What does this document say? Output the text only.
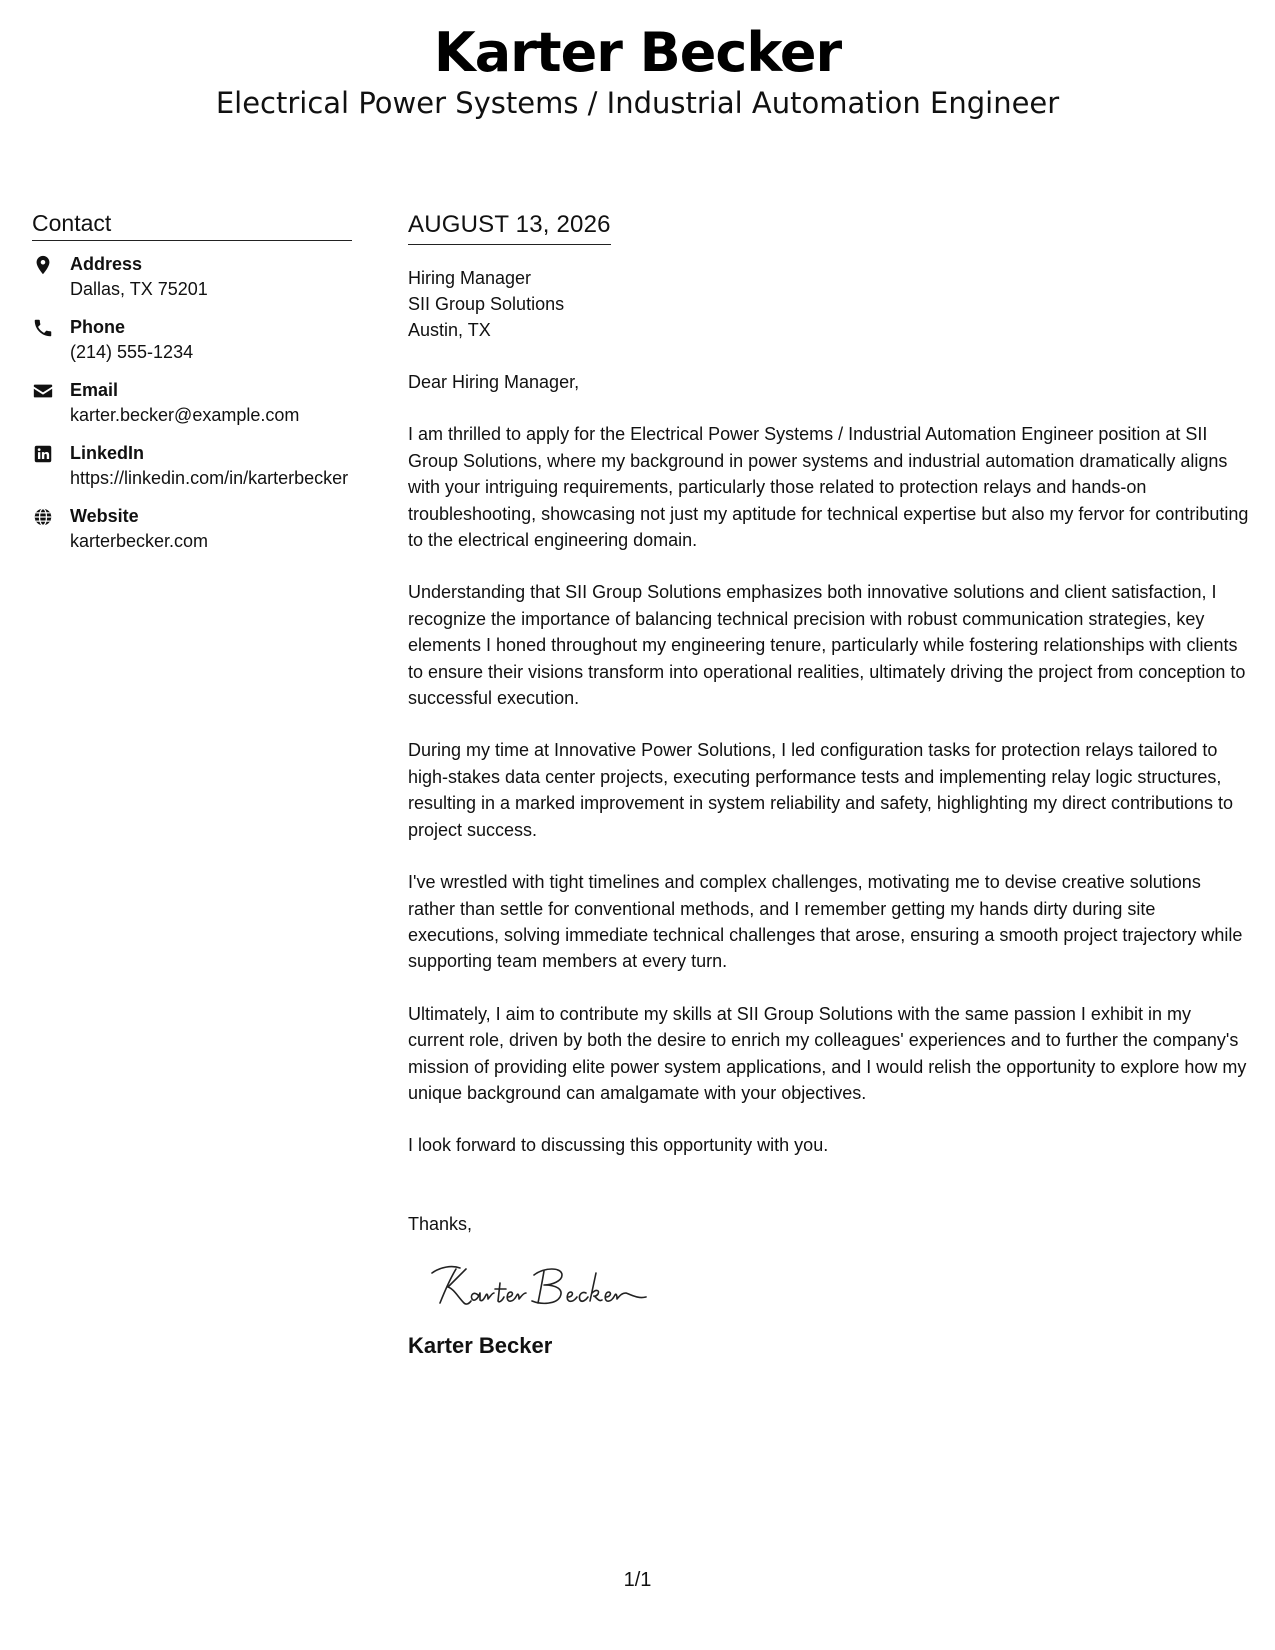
Karter Becker
Electrical Power Systems / Industrial Automation Engineer
Contact
Address
Dallas, TX 75201
Phone
(214) 555-1234
Email
karter.becker@example.com
LinkedIn
https://linkedin.com/in/karterbecker
Website
karterbecker.com
AUGUST 13, 2026
Hiring Manager
SII Group Solutions
Austin, TX

Dear Hiring Manager,

I am thrilled to apply for the Electrical Power Systems / Industrial Automation Engineer position at SII Group Solutions, where my background in power systems and industrial automation dramatically aligns with your intriguing requirements, particularly those related to protection relays and hands-on troubleshooting, showcasing not just my aptitude for technical expertise but also my fervor for contributing to the electrical engineering domain.

Understanding that SII Group Solutions emphasizes both innovative solutions and client satisfaction, I recognize the importance of balancing technical precision with robust communication strategies, key elements I honed throughout my engineering tenure, particularly while fostering relationships with clients to ensure their visions transform into operational realities, ultimately driving the project from conception to successful execution.

During my time at Innovative Power Solutions, I led configuration tasks for protection relays tailored to high-stakes data center projects, executing performance tests and implementing relay logic structures, resulting in a marked improvement in system reliability and safety, highlighting my direct contributions to project success.

I've wrestled with tight timelines and complex challenges, motivating me to devise creative solutions rather than settle for conventional methods, and I remember getting my hands dirty during site executions, solving immediate technical challenges that arose, ensuring a smooth project trajectory while supporting team members at every turn.

Ultimately, I aim to contribute my skills at SII Group Solutions with the same passion I exhibit in my current role, driven by both the desire to enrich my colleagues' experiences and to further the company's mission of providing elite power system applications, and I would relish the opportunity to explore how my unique background can amalgamate with your objectives.

I look forward to discussing this opportunity with you.

Thanks,
Karter Becker
1/1
